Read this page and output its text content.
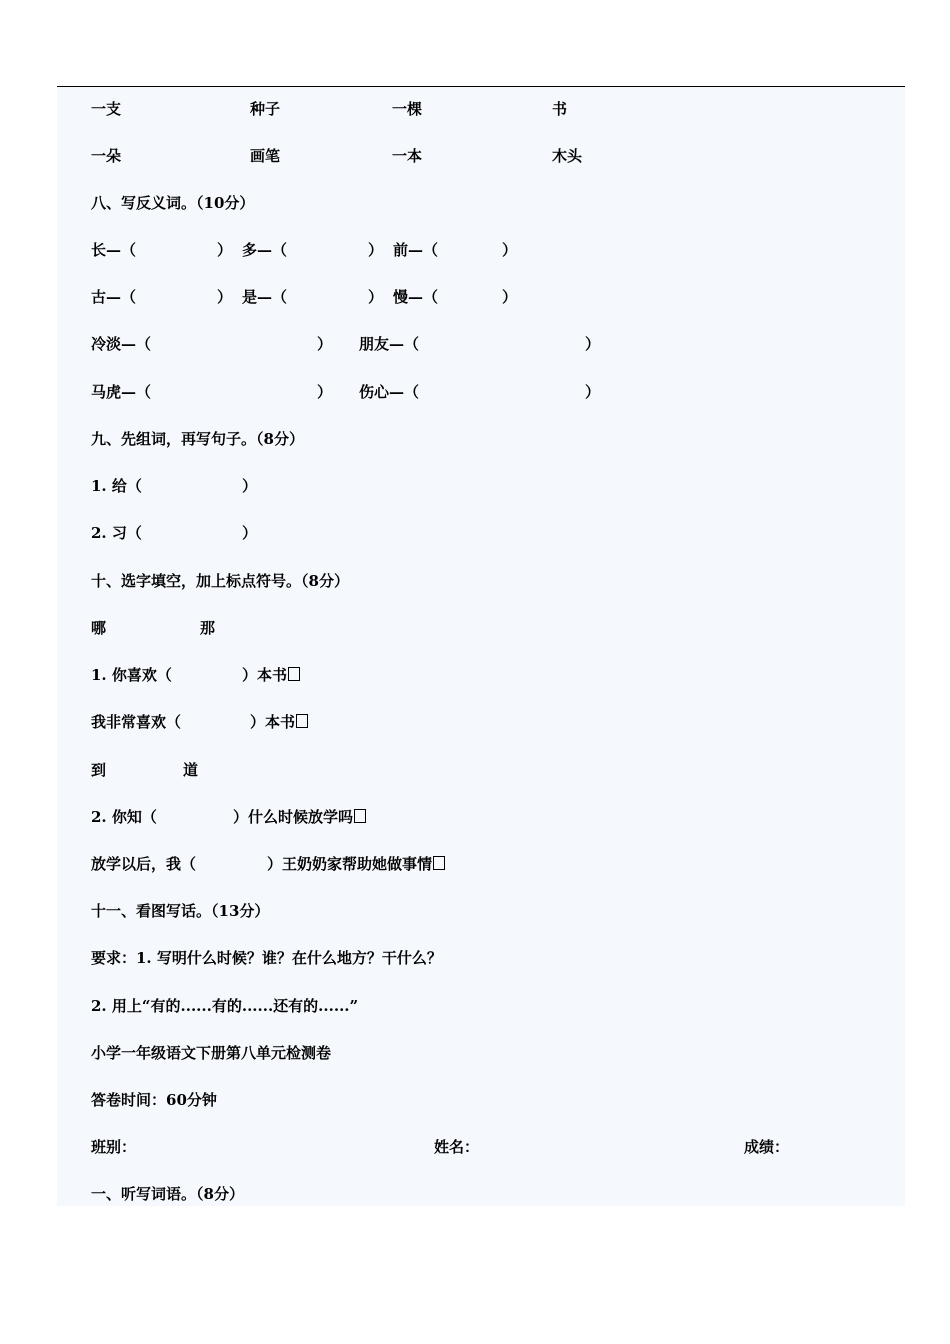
一支	种子	一棵	书
一朵	画笔	一本	木头
八、写反义词。（10分）
长—（	） 多—（	） 前—（	）
古—（	） 是—（	） 慢—（	）
冷淡—（	） 朋友—（	）
马虎—（	） 伤心—（	）
九、先组词，再写句子。（8分）
1. 给（	）
2. 习（	）
十、选字填空，加上标点符号。（8分）
哪	那
1. 你喜欢（	）本书
我非常喜欢（	）本书
到	道
2. 你知（	）什么时候放学吗
放学以后，我（	）王奶奶家帮助她做事情
十一、看图写话。（13分）
要求：1. 写明什么时候？谁？在什么地方？干什么？
2. 用上“有的......有的......还有的......”
小学一年级语文下册第八单元检测卷
答卷时间：60分钟
班别：	姓名：	成绩：
一、听写词语。（8分）
